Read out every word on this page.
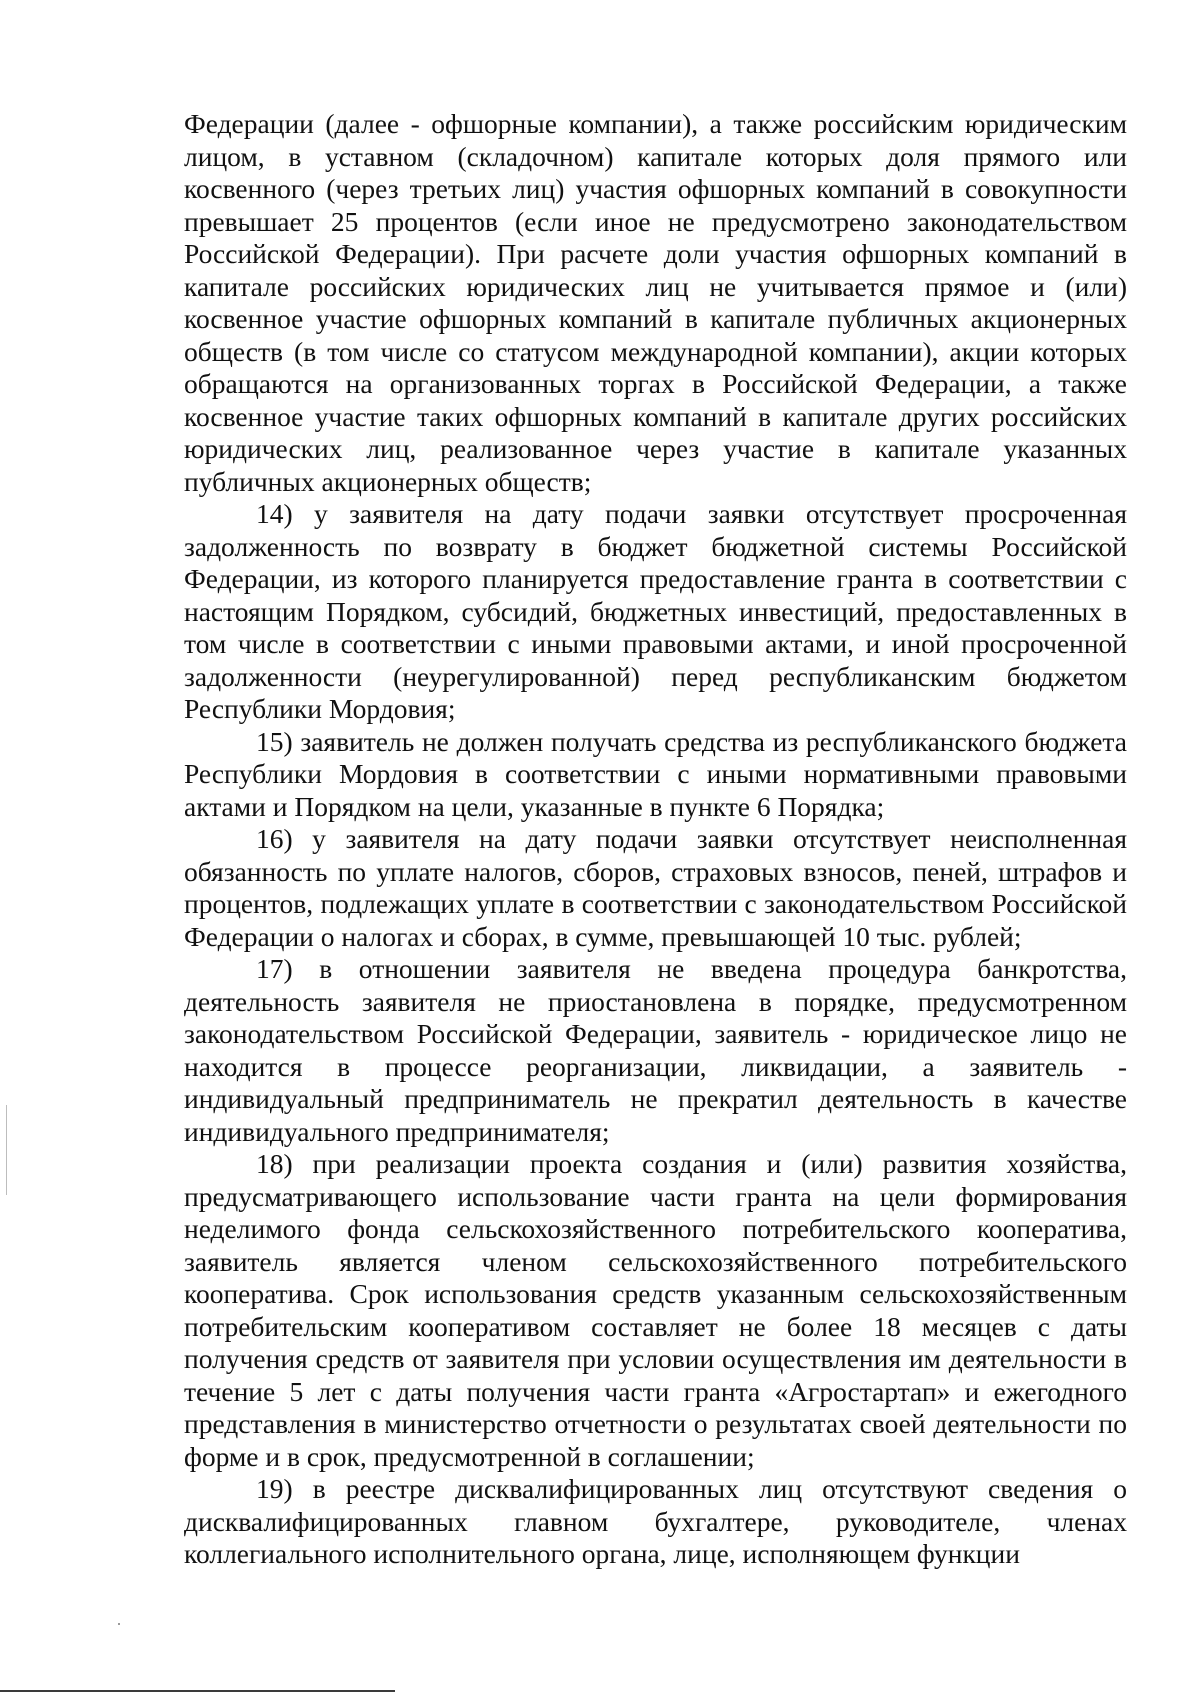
Федерации (далее - офшорные компании), а также российским юридическим лицом, в уставном (складочном) капитале которых доля прямого или косвенного (через третьих лиц) участия офшорных компаний в совокупности превышает 25 процентов (если иное не предусмотрено законодательством Российской Федерации). При расчете доли участия офшорных компаний в капитале российских юридических лиц не учитывается прямое и (или) косвенное участие офшорных компаний в капитале публичных акционерных обществ (в том числе со статусом международной компании), акции которых обращаются на организованных торгах в Российской Федерации, а также косвенное участие таких офшорных компаний в капитале других российских юридических лиц, реализованное через участие в капитале указанных публичных акционерных обществ;

14) у заявителя на дату подачи заявки отсутствует просроченная задолженность по возврату в бюджет бюджетной системы Российской Федерации, из которого планируется предоставление гранта в соответствии с настоящим Порядком, субсидий, бюджетных инвестиций, предоставленных в том числе в соответствии с иными правовыми актами, и иной просроченной задолженности (неурегулированной) перед республиканским бюджетом Республики Мордовия;

15) заявитель не должен получать средства из республиканского бюджета Республики Мордовия в соответствии с иными нормативными правовыми актами и Порядком на цели, указанные в пункте 6 Порядка;

16) у заявителя на дату подачи заявки отсутствует неисполненная обязанность по уплате налогов, сборов, страховых взносов, пеней, штрафов и процентов, подлежащих уплате в соответствии с законодательством Российской Федерации о налогах и сборах, в сумме, превышающей 10 тыс. рублей;

17) в отношении заявителя не введена процедура банкротства, деятельность заявителя не приостановлена в порядке, предусмотренном законодательством Российской Федерации, заявитель - юридическое лицо не находится в процессе реорганизации, ликвидации, а заявитель - индивидуальный предприниматель не прекратил деятельность в качестве индивидуального предпринимателя;

18) при реализации проекта создания и (или) развития хозяйства, предусматривающего использование части гранта на цели формирования неделимого фонда сельскохозяйственного потребительского кооператива, заявитель является членом сельскохозяйственного потребительского кооператива. Срок использования средств указанным сельскохозяйственным потребительским кооперативом составляет не более 18 месяцев с даты получения средств от заявителя при условии осуществления им деятельности в течение 5 лет с даты получения части гранта «Агростартап» и ежегодного представления в министерство отчетности о результатах своей деятельности по форме и в срок, предусмотренной в соглашении;

19) в реестре дисквалифицированных лиц отсутствуют сведения о дисквалифицированных главном бухгалтере, руководителе, членах коллегиального исполнительного органа, лице, исполняющем функции
